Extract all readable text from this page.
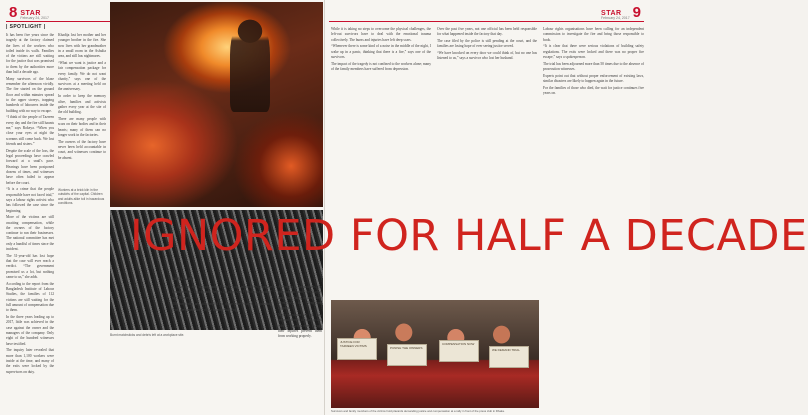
8 STAR
February 24, 2017
| SPOTLIGHT |

It has been five years since the tragedy at the factory claimed the lives of the workers who toiled inside its walls. Families of the victims are still waiting for the justice that was promised to them by the authorities more than half a decade ago.

Many survivors of the blaze remember the afternoon vividly. The fire started on the ground floor and within minutes spread to the upper storeys, trapping hundreds of labourers inside the building with no way to escape.

“I think of the people of Tazreen every day and the fire still haunts me,” says Rokeya. “When you close your eyes at night the screams still come back. We lost friends and sisters.”

Despite the scale of the loss, the legal proceedings have crawled forward at a snail's pace. Hearings have been postponed dozens of times, and witnesses have often failed to appear before the court.

“It is a crime that the people responsible have not faced trial,” says a labour rights activist who has followed the case since the beginning.

More of the victims are still awaiting compensation, while the owners of the factory continue to run their businesses. The national committee has met only a handful of times since the incident.

The 31-year-old has lost hope that the case will ever reach a verdict. “The government promised us a lot, but nothing came to us,” she adds.

According to the report from the Bangladesh Institute of Labour Studies, the families of 112 victims are still waiting for the full amount of compensation due to them.

In the three years leading up to 2017, little was achieved in the case against the owner and the managers of the company. Only eight of the hundred witnesses have testified.

The inquiry later revealed that more than 1,100 workers were inside at the time, and many of the exits were locked by the supervisors on duty.

Khadija lost her mother and her younger brother in the fire. She now lives with her grandmother in a small room in the Ashulia area, and still has nightmares.

“What we want is justice and a fair compensation package for every family. We do not want charity,” says one of the survivors at a meeting held on the anniversary.

In order to keep the memory alive, families and activists gather every year at the site of the old building.

There are many people with scars on their bodies and in their hearts; many of them can no longer work in the factories.

The owners of the factory have never been held accountable in court, and witnesses continue to be absent.

Workers at a brick kiln in the outskirts of the capital. Children and adults alike toil in hazardous conditions.
Burnt matchsticks and debris left at a workplace site.
9
STAR
February 24, 2017

While it is taking no steps to overcome the physical challenges, the left-out survivors have to deal with the emotional trauma collectively. The burns and injuries have left deep scars.

“Whenever there is some kind of a noise in the middle of the night, I wake up in a panic, thinking that there is a fire,” says one of the survivors.

The impact of the tragedy is not confined to the workers alone; many of the family members have suffered from depression.

Over the past five years, not one official has been held responsible for what happened inside the factory that day.

The case filed by the police is still pending at the court, and the families are losing hope of ever seeing justice served.

“We have knocked on every door we could think of, but no one has listened to us,” says a survivor who lost her husband.

Labour rights organisations have been calling for an independent commission to investigate the fire and bring those responsible to book.

“It is clear that there were serious violations of building safety regulations. The exits were locked and there was no proper fire escape,” says a spokesperson.

The trial has been adjourned more than 50 times due to the absence of prosecution witnesses.

Experts point out that without proper enforcement of existing laws, similar disasters are likely to happen again in the future.

For the families of those who died, the wait for justice continues five years on.

JUSTICE FOR TAZREEN VICTIMS
PUNISH THE OWNERS
COMPENSATION NOW
WE DEMAND TRIAL
IGNORED FOR HALF A DECADE
NABIL NAIM

“I don't get any support now. I can't work in factories anymore because of my injuries and there is no other way I can earn a living,” says Ramesh.

The memories are still painful for those who escaped by jumping from the upper floors of the burning building.

According to the activists, the government and the buyers have both failed to keep their promises of long-term support.

Many survivors say that they are now forced to take up odd jobs to survive, even though their injuries prevent them from working properly.

Survivors and family members of the victims hold placards demanding justice and compensation at a rally in front of the press club in Dhaka.
